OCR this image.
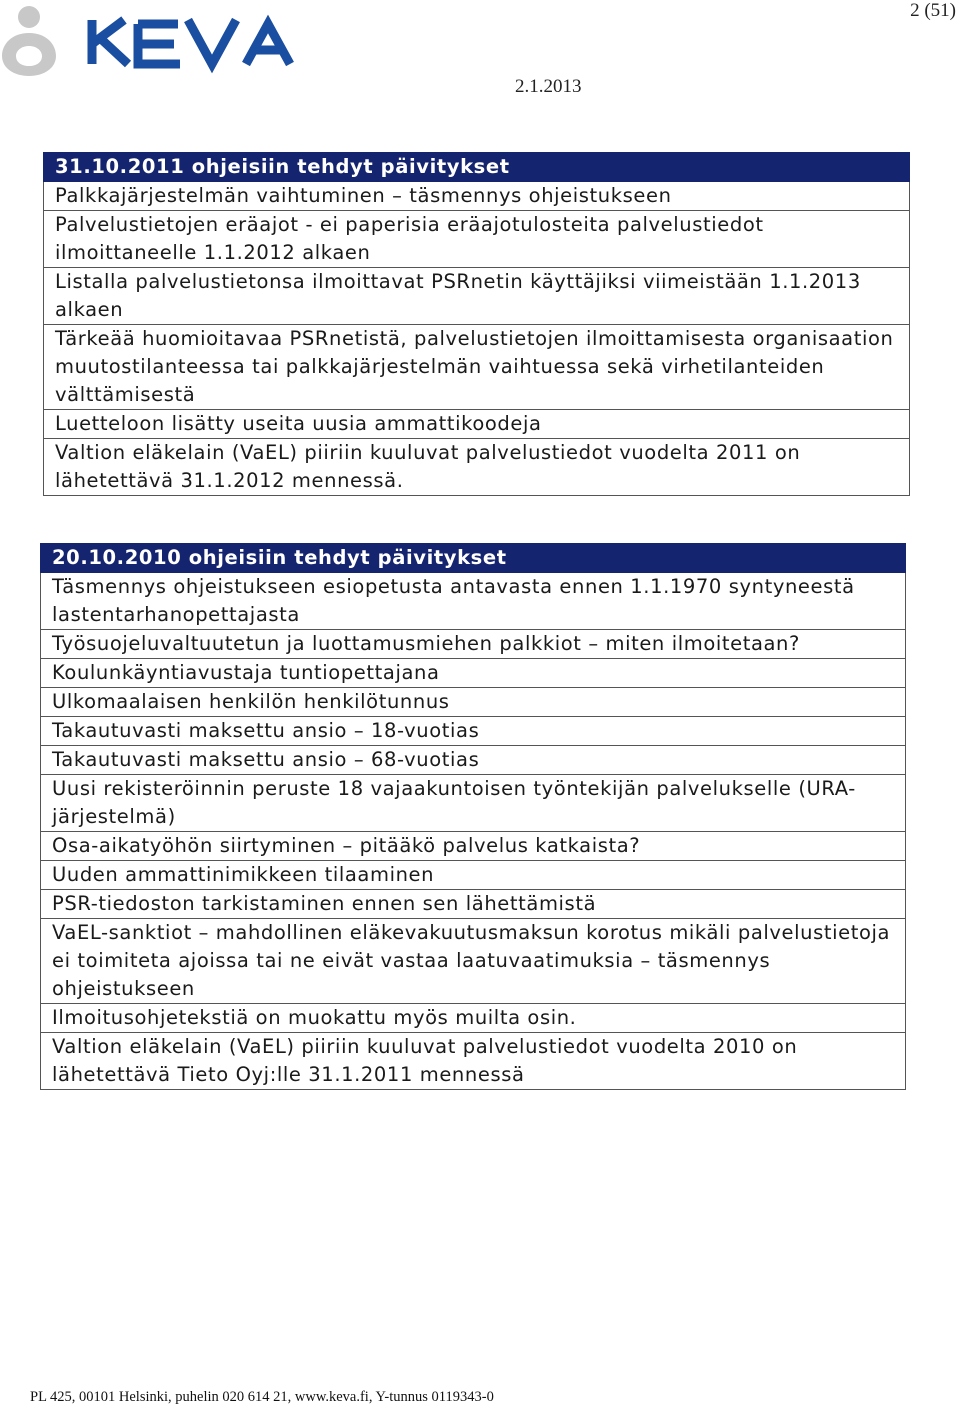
2 (51)
2.1.2013
31.10.2011 ohjeisiin tehdyt päivitykset
Palkkajärjestelmän vaihtuminen – täsmennys ohjeistukseen
Palvelustietojen eräajot - ei paperisia eräajotulosteita palvelustiedot ilmoittaneelle 1.1.2012 alkaen
Listalla palvelustietonsa ilmoittavat PSRnetin käyttäjiksi viimeistään 1.1.2013 alkaen
Tärkeää huomioitavaa PSRnetistä, palvelustietojen ilmoittamisesta organisaation muutostilanteessa tai palkkajärjestelmän vaihtuessa sekä virhetilanteiden välttämisestä
Luetteloon lisätty useita uusia ammattikoodeja
Valtion eläkelain (VaEL) piiriin kuuluvat palvelustiedot vuodelta 2011 on lähetettävä 31.1.2012 mennessä.
20.10.2010 ohjeisiin tehdyt päivitykset
Täsmennys ohjeistukseen esiopetusta antavasta ennen 1.1.1970 syntyneestä lastentarhanopettajasta
Työsuojeluvaltuutetun ja luottamusmiehen palkkiot – miten ilmoitetaan?
Koulunkäyntiavustaja tuntiopettajana
Ulkomaalaisen henkilön henkilötunnus
Takautuvasti maksettu ansio – 18-vuotias
Takautuvasti maksettu ansio – 68-vuotias
Uusi rekisteröinnin peruste 18 vajaakuntoisen työntekijän palvelukselle (URA-järjestelmä)
Osa-aikatyöhön siirtyminen – pitääkö palvelus katkaista?
Uuden ammattinimikkeen tilaaminen
PSR-tiedoston tarkistaminen ennen sen lähettämistä
VaEL-sanktiot – mahdollinen eläkevakuutusmaksun korotus mikäli palvelustietoja ei toimiteta ajoissa tai ne eivät vastaa laatuvaatimuksia – täsmennys ohjeistukseen
Ilmoitusohjetekstiä on muokattu myös muilta osin.
Valtion eläkelain (VaEL) piiriin kuuluvat palvelustiedot vuodelta 2010 on lähetettävä Tieto Oyj:lle 31.1.2011 mennessä
PL 425, 00101 Helsinki, puhelin 020 614 21, www.keva.fi, Y-tunnus 0119343-0
